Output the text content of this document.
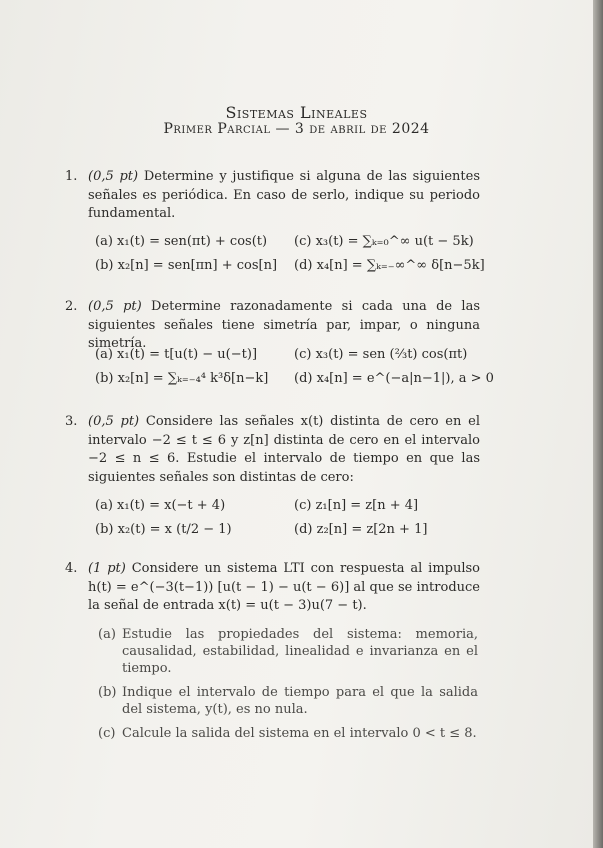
Sistemas Lineales
Primer Parcial — 3 de abril de 2024
1. (0,5 pt) Determine y justifique si alguna de las siguientes señales es periódica. En caso de serlo, indique su periodo fundamental.
(a) x₁(t) = sen(πt) + cos(t) (c) x₃(t) = ∑ₖ₌₀^∞ u(t − 5k)
(b) x₂[n] = sen[πn] + cos[n] (d) x₄[n] = ∑ₖ₌₋∞^∞ δ[n−5k]
2. (0,5 pt) Determine razonadamente si cada una de las siguientes señales tiene simetría par, impar, o ninguna simetría.
(a) x₁(t) = t[u(t) − u(−t)]	(c) x₃(t) = sen (⅔t) cos(πt)
(b) x₂[n] = ∑ₖ₌₋₄⁴ k³δ[n−k] (d) x₄[n] = e^(−a|n−1|), a > 0
3. (0,5 pt) Considere las señales x(t) distinta de cero en el intervalo −2 ≤ t ≤ 6 y z[n] distinta de cero en el intervalo −2 ≤ n ≤ 6. Estudie el intervalo de tiempo en que las siguientes señales son distintas de cero:
(a) x₁(t) = x(−t + 4)	(c) z₁[n] = z[n + 4]
(b) x₂(t) = x (t/2 − 1)	(d) z₂[n] = z[2n + 1]
4. (1 pt) Considere un sistema LTI con respuesta al impulso h(t) = e^(−3(t−1)) [u(t − 1) − u(t − 6)] al que se introduce la señal de entrada x(t) = u(t − 3)u(7 − t).
(a) Estudie las propiedades del sistema: memoria, causalidad, estabilidad, linealidad e invarianza en el tiempo.
(b) Indique el intervalo de tiempo para el que la salida del sistema, y(t), es no nula.
(c) Calcule la salida del sistema en el intervalo 0 < t ≤ 8.
